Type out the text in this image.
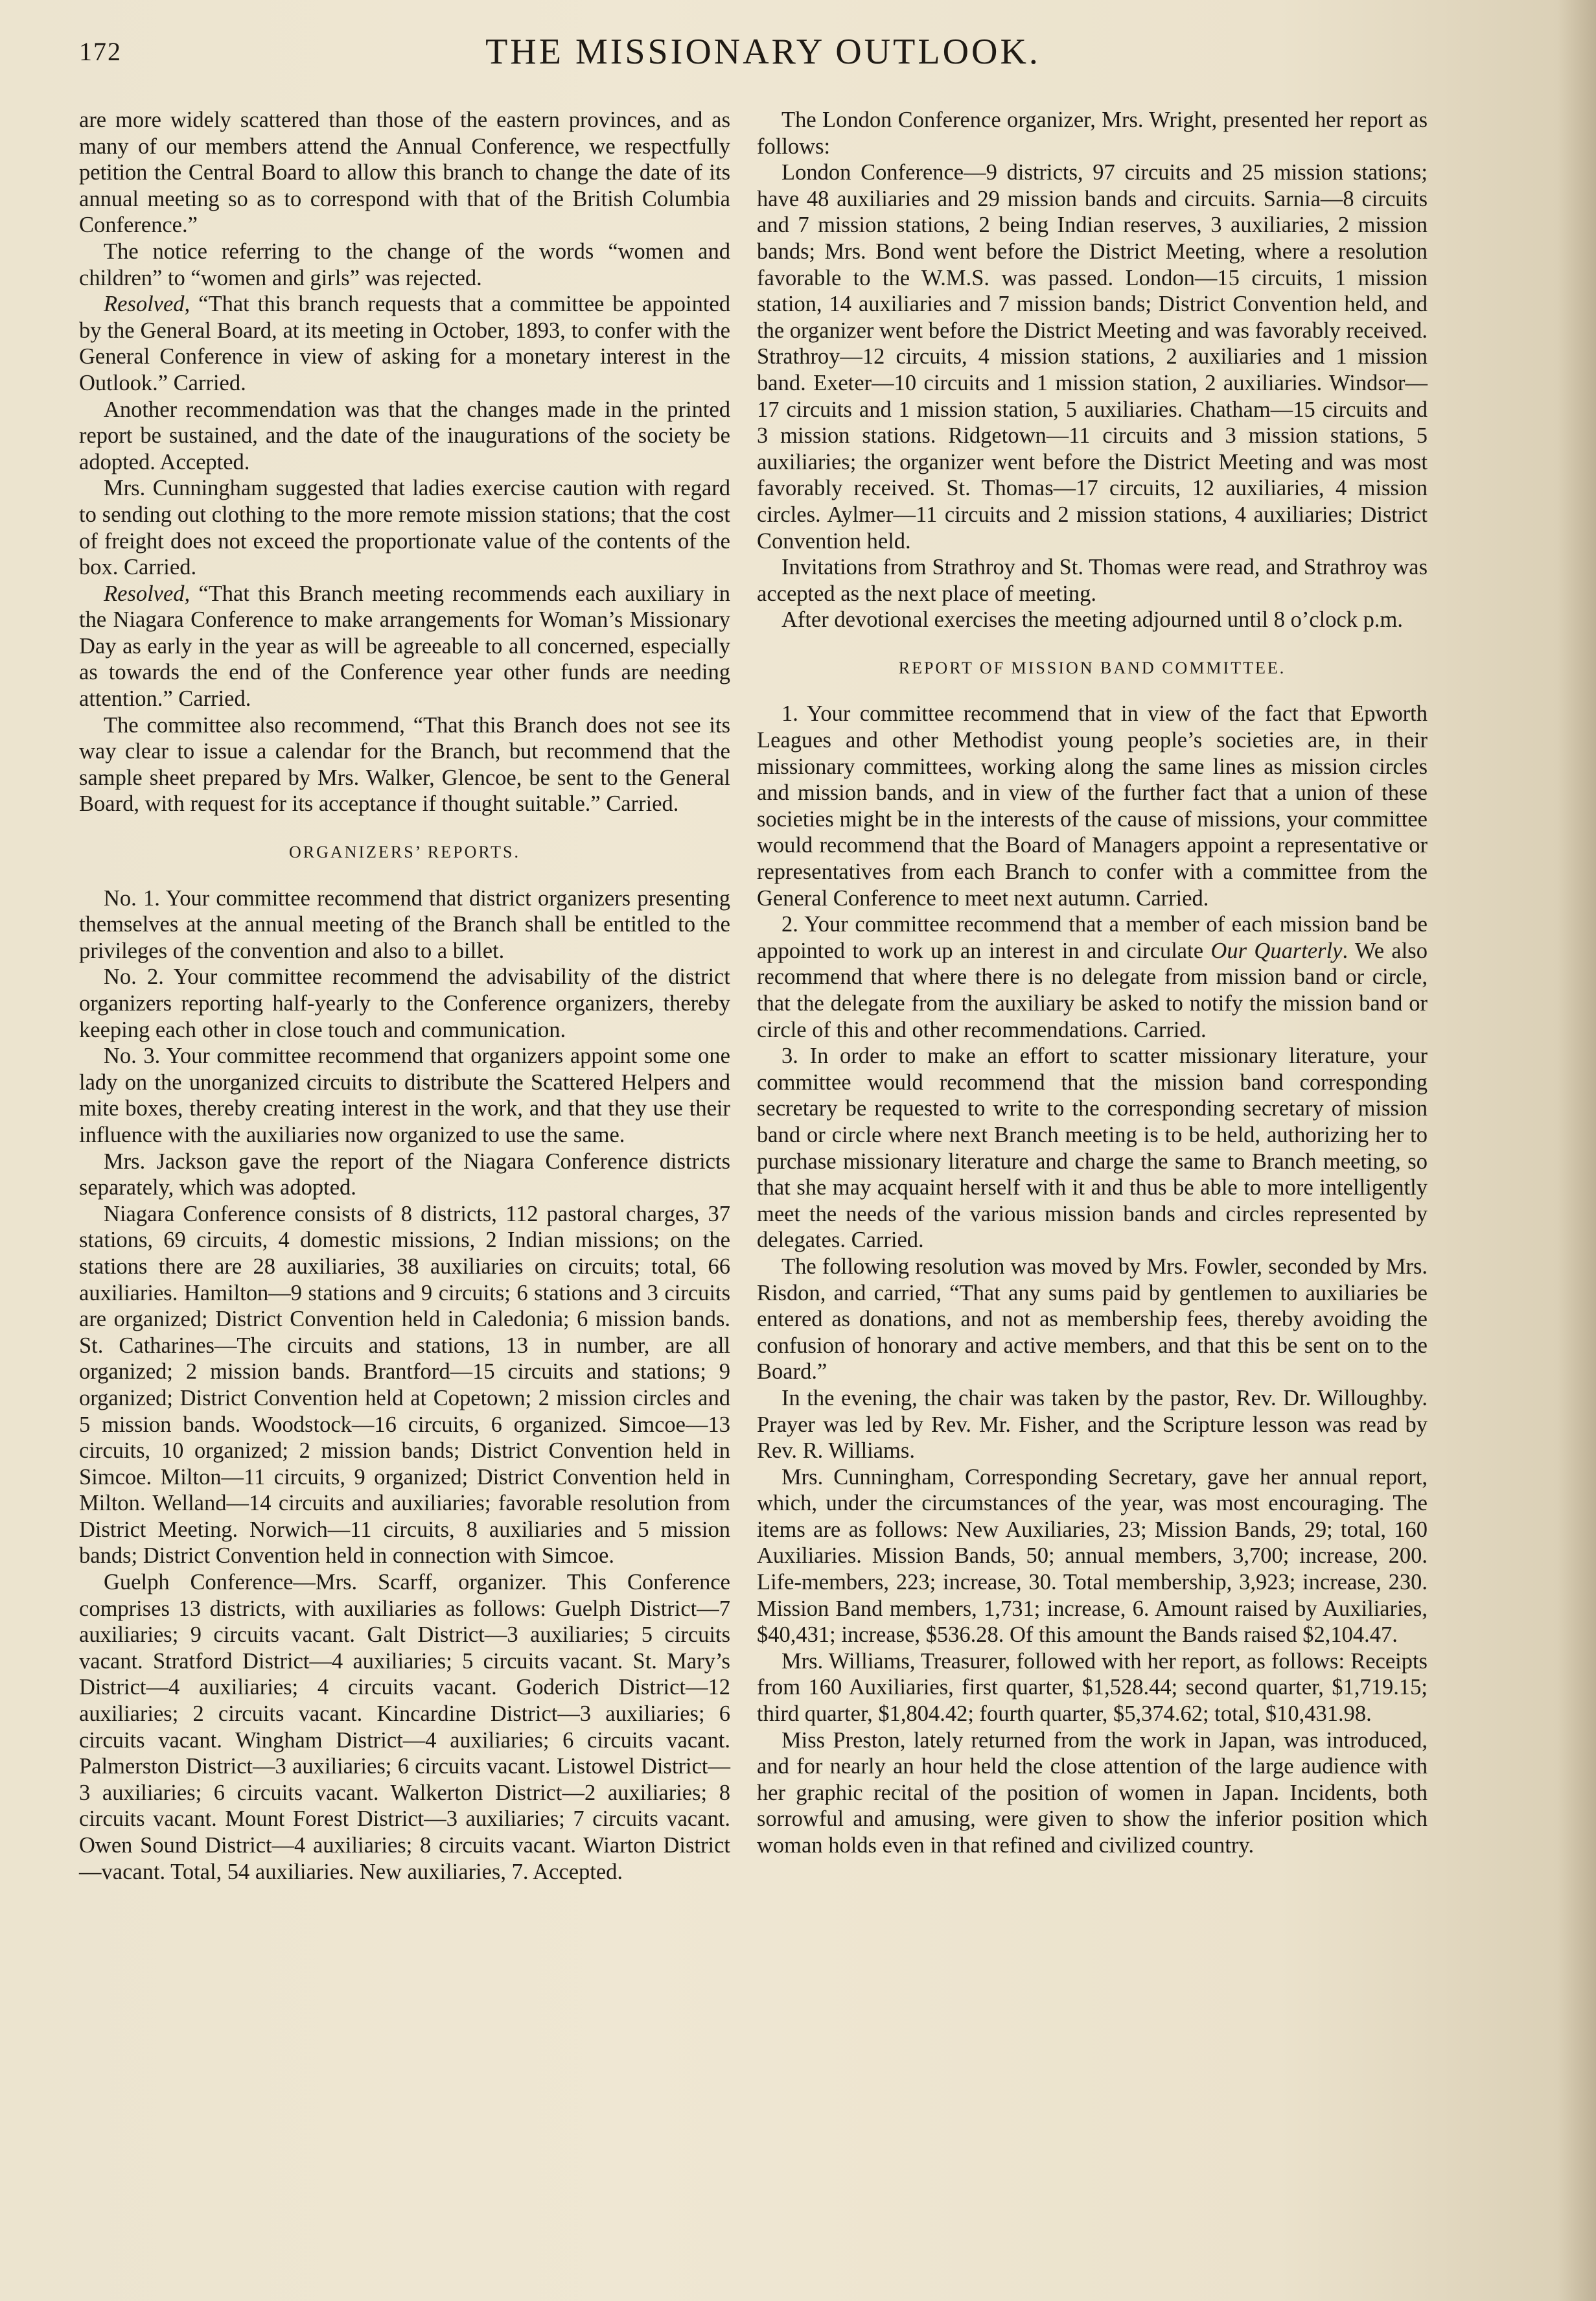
172	THE MISSIONARY OUTLOOK.

are more widely scattered than those of the eastern provinces, and as many of our members attend the Annual Conference, we respectfully petition the Central Board to allow this branch to change the date of its annual meeting so as to correspond with that of the British Columbia Conference.”

The notice referring to the change of the words “women and children” to “women and girls” was rejected.

Resolved, “That this branch requests that a committee be appointed by the General Board, at its meeting in October, 1893, to confer with the General Conference in view of asking for a monetary interest in the Outlook.” Carried.

Another recommendation was that the changes made in the printed report be sustained, and the date of the inaugurations of the society be adopted. Accepted.

Mrs. Cunningham suggested that ladies exercise caution with regard to sending out clothing to the more remote mission stations; that the cost of freight does not exceed the proportionate value of the contents of the box. Carried.

Resolved, “That this Branch meeting recommends each auxiliary in the Niagara Conference to make arrangements for Woman’s Missionary Day as early in the year as will be agreeable to all concerned, especially as towards the end of the Conference year other funds are needing attention.” Carried.

The committee also recommend, “That this Branch does not see its way clear to issue a calendar for the Branch, but recommend that the sample sheet prepared by Mrs. Walker, Glencoe, be sent to the General Board, with request for its acceptance if thought suitable.” Carried.

ORGANIZERS’ REPORTS.

No. 1. Your committee recommend that district organizers presenting themselves at the annual meeting of the Branch shall be entitled to the privileges of the convention and also to a billet.

No. 2. Your committee recommend the advisability of the district organizers reporting half-yearly to the Conference organizers, thereby keeping each other in close touch and communication.

No. 3. Your committee recommend that organizers appoint some one lady on the unorganized circuits to distribute the Scattered Helpers and mite boxes, thereby creating interest in the work, and that they use their influence with the auxiliaries now organized to use the same.

Mrs. Jackson gave the report of the Niagara Conference districts separately, which was adopted.

Niagara Conference consists of 8 districts, 112 pastoral charges, 37 stations, 69 circuits, 4 domestic missions, 2 Indian missions; on the stations there are 28 auxiliaries, 38 auxiliaries on circuits; total, 66 auxiliaries. Hamilton—9 stations and 9 circuits; 6 stations and 3 circuits are organized; District Convention held in Caledonia; 6 mission bands. St. Catharines—The circuits and stations, 13 in number, are all organized; 2 mission bands. Brantford—15 circuits and stations; 9 organized; District Convention held at Copetown; 2 mission circles and 5 mission bands. Woodstock—16 circuits, 6 organized. Simcoe—13 circuits, 10 organized; 2 mission bands; District Convention held in Simcoe. Milton—11 circuits, 9 organized; District Convention held in Milton. Welland—14 circuits and auxiliaries; favorable resolution from District Meeting. Norwich—11 circuits, 8 auxiliaries and 5 mission bands; District Convention held in connection with Simcoe.

Guelph Conference—Mrs. Scarff, organizer. This Conference comprises 13 districts, with auxiliaries as follows: Guelph District—7 auxiliaries; 9 circuits vacant. Galt District—3 auxiliaries; 5 circuits vacant. Stratford District—4 auxiliaries; 5 circuits vacant. St. Mary’s District—4 auxiliaries; 4 circuits vacant. Goderich District—12 auxiliaries; 2 circuits vacant. Kincardine District—3 auxiliaries; 6 circuits vacant. Wingham District—4 auxiliaries; 6 circuits vacant. Palmerston District—3 auxiliaries; 6 circuits vacant. Listowel District—3 auxiliaries; 6 circuits vacant. Walkerton District—2 auxiliaries; 8 circuits vacant. Mount Forest District—3 auxiliaries; 7 circuits vacant. Owen Sound District—4 auxiliaries; 8 circuits vacant. Wiarton District—vacant. Total, 54 auxiliaries. New auxiliaries, 7. Accepted.

The London Conference organizer, Mrs. Wright, presented her report as follows:

London Conference—9 districts, 97 circuits and 25 mission stations; have 48 auxiliaries and 29 mission bands and circuits. Sarnia—8 circuits and 7 mission stations, 2 being Indian reserves, 3 auxiliaries, 2 mission bands; Mrs. Bond went before the District Meeting, where a resolution favorable to the W.M.S. was passed. London—15 circuits, 1 mission station, 14 auxiliaries and 7 mission bands; District Convention held, and the organizer went before the District Meeting and was favorably received. Strathroy—12 circuits, 4 mission stations, 2 auxiliaries and 1 mission band. Exeter—10 circuits and 1 mission station, 2 auxiliaries. Windsor—17 circuits and 1 mission station, 5 auxiliaries. Chatham—15 circuits and 3 mission stations. Ridgetown—11 circuits and 3 mission stations, 5 auxiliaries; the organizer went before the District Meeting and was most favorably received. St. Thomas—17 circuits, 12 auxiliaries, 4 mission circles. Aylmer—11 circuits and 2 mission stations, 4 auxiliaries; District Convention held.

Invitations from Strathroy and St. Thomas were read, and Strathroy was accepted as the next place of meeting.

After devotional exercises the meeting adjourned until 8 o’clock p.m.

REPORT OF MISSION BAND COMMITTEE.

1. Your committee recommend that in view of the fact that Epworth Leagues and other Methodist young people’s societies are, in their missionary committees, working along the same lines as mission circles and mission bands, and in view of the further fact that a union of these societies might be in the interests of the cause of missions, your committee would recommend that the Board of Managers appoint a representative or representatives from each Branch to confer with a committee from the General Conference to meet next autumn. Carried.

2. Your committee recommend that a member of each mission band be appointed to work up an interest in and circulate Our Quarterly. We also recommend that where there is no delegate from mission band or circle, that the delegate from the auxiliary be asked to notify the mission band or circle of this and other recommendations. Carried.

3. In order to make an effort to scatter missionary literature, your committee would recommend that the mission band corresponding secretary be requested to write to the corresponding secretary of mission band or circle where next Branch meeting is to be held, authorizing her to purchase missionary literature and charge the same to Branch meeting, so that she may acquaint herself with it and thus be able to more intelligently meet the needs of the various mission bands and circles represented by delegates. Carried.

The following resolution was moved by Mrs. Fowler, seconded by Mrs. Risdon, and carried, “That any sums paid by gentlemen to auxiliaries be entered as donations, and not as membership fees, thereby avoiding the confusion of honorary and active members, and that this be sent on to the Board.”

In the evening, the chair was taken by the pastor, Rev. Dr. Willoughby. Prayer was led by Rev. Mr. Fisher, and the Scripture lesson was read by Rev. R. Williams.

Mrs. Cunningham, Corresponding Secretary, gave her annual report, which, under the circumstances of the year, was most encouraging. The items are as follows: New Auxiliaries, 23; Mission Bands, 29; total, 160 Auxiliaries. Mission Bands, 50; annual members, 3,700; increase, 200. Life-members, 223; increase, 30. Total membership, 3,923; increase, 230. Mission Band members, 1,731; increase, 6. Amount raised by Auxiliaries, $40,431; increase, $536.28. Of this amount the Bands raised $2,104.47.

Mrs. Williams, Treasurer, followed with her report, as follows: Receipts from 160 Auxiliaries, first quarter, $1,528.44; second quarter, $1,719.15; third quarter, $1,804.42; fourth quarter, $5,374.62; total, $10,431.98.

Miss Preston, lately returned from the work in Japan, was introduced, and for nearly an hour held the close attention of the large audience with her graphic recital of the position of women in Japan. Incidents, both sorrowful and amusing, were given to show the inferior position which woman holds even in that refined and civilized country.
